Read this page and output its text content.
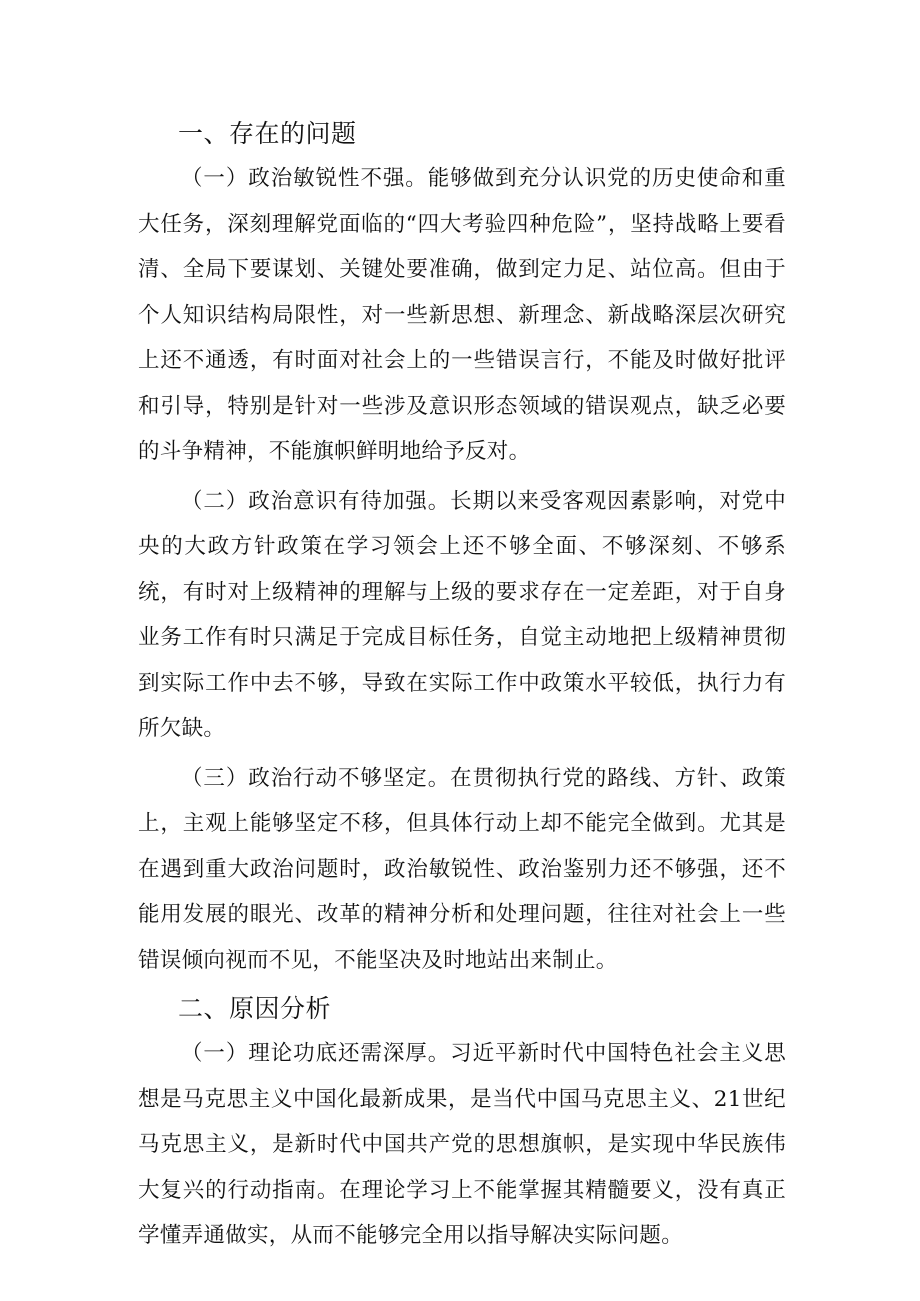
一、存在的问题

（一）政治敏锐性不强。能够做到充分认识党的历史使命和重大任务，深刻理解党面临的“四大考验四种危险”，坚持战略上要看清、全局下要谋划、关键处要准确，做到定力足、站位高。但由于个人知识结构局限性，对一些新思想、新理念、新战略深层次研究上还不通透，有时面对社会上的一些错误言行，不能及时做好批评和引导，特别是针对一些涉及意识形态领域的错误观点，缺乏必要的斗争精神，不能旗帜鲜明地给予反对。

（二）政治意识有待加强。长期以来受客观因素影响，对党中央的大政方针政策在学习领会上还不够全面、不够深刻、不够系统，有时对上级精神的理解与上级的要求存在一定差距，对于自身业务工作有时只满足于完成目标任务，自觉主动地把上级精神贯彻到实际工作中去不够，导致在实际工作中政策水平较低，执行力有所欠缺。

（三）政治行动不够坚定。在贯彻执行党的路线、方针、政策上，主观上能够坚定不移，但具体行动上却不能完全做到。尤其是在遇到重大政治问题时，政治敏锐性、政治鉴别力还不够强，还不能用发展的眼光、改革的精神分析和处理问题，往往对社会上一些错误倾向视而不见，不能坚决及时地站出来制止。

二、原因分析

（一）理论功底还需深厚。习近平新时代中国特色社会主义思想是马克思主义中国化最新成果，是当代中国马克思主义、21世纪马克思主义，是新时代中国共产党的思想旗帜，是实现中华民族伟大复兴的行动指南。在理论学习上不能掌握其精髓要义，没有真正学懂弄通做实，从而不能够完全用以指导解决实际问题。
